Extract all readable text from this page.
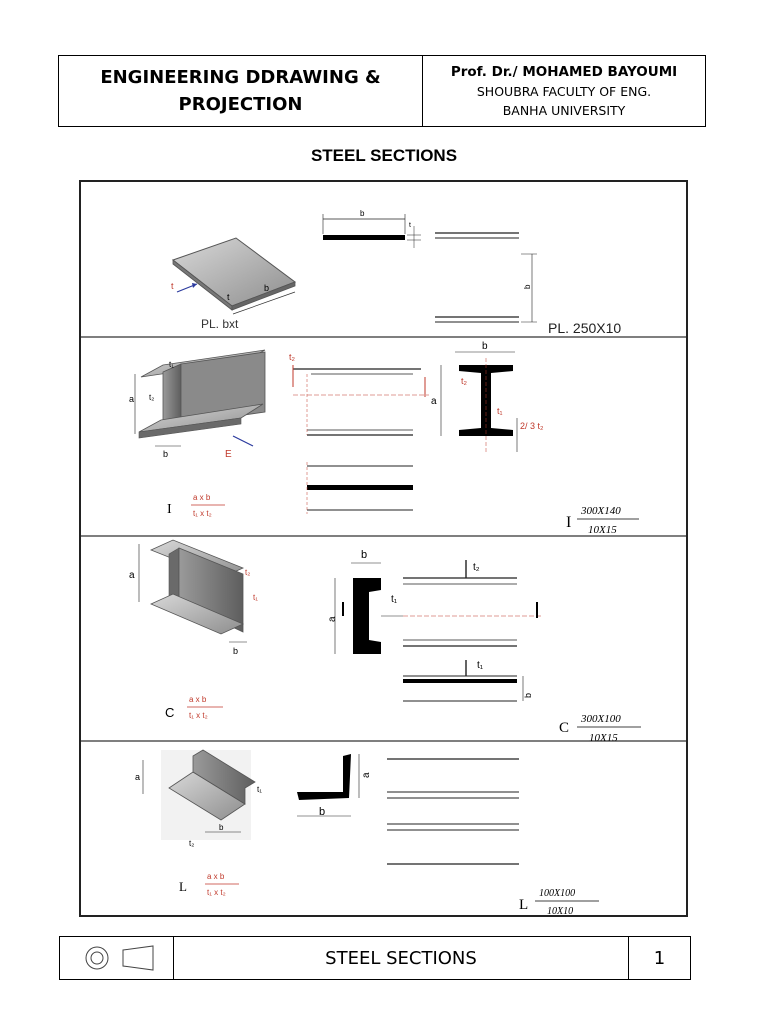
ENGINEERING DDRAWING &
PROJECTION
Prof. Dr./ MOHAMED BAYOUMI
SHOUBRA FACULTY OF ENG.
BANHA UNIVERSITY
STEEL SECTIONS
b
t
t
PL. bxt
b
t
b
PL. 250X10
a
t₁
t₂
b	E
t₂
b
a
t₂
t₁
2/ 3 t₂
I
a x b
t₁ x t₂
I
300X140
10X15
a	t₂
t₁
b
b
a
t₁
t₂
t₁
b
C
a x b
t₁ x t₂
C
300X100
10X15
a
t₁
b
t₂
a
b
L
a x b
t₁ x t₂
L
100X100
10X10
STEEL SECTIONS	1
